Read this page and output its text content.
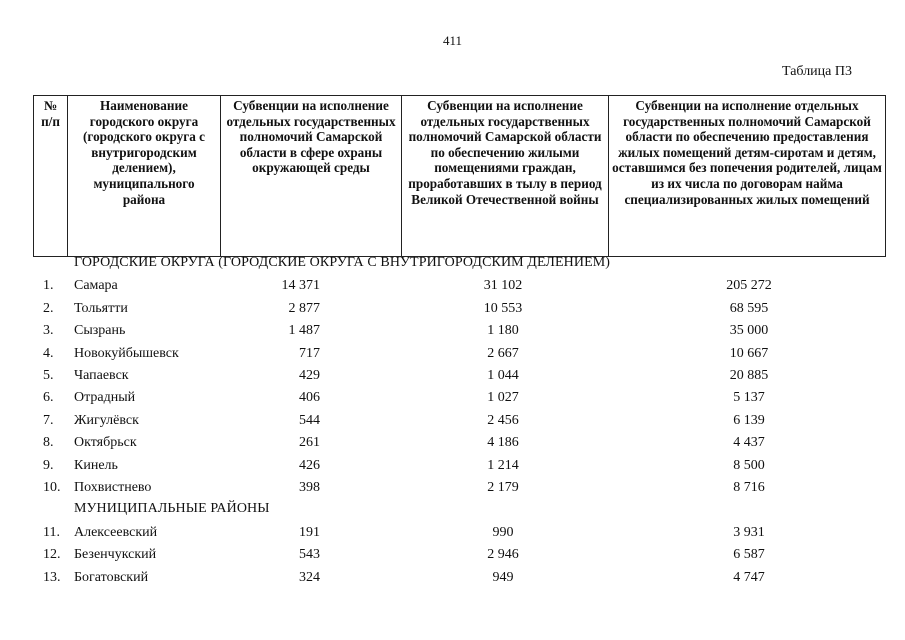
411
Таблица П3
№ п/п	Наименование городского округа (городского округа с внутригородским делением), муниципального района	Субвенции на исполнение отдельных государственных полномочий Самарской области в сфере охраны окружающей среды	Субвенции на исполнение отдельных государственных полномочий Самарской области по обеспечению жилыми помещениями граждан, проработавших в тылу в период Великой Отечественной войны	Субвенции на исполнение отдельных государственных полномочий Самарской области по обеспечению предоставления жилых помещений детям-сиротам и детям, оставшимся без попечения родителей, лицам из их числа по договорам найма специализированных жилых помещений
ГОРОДСКИЕ ОКРУГА (ГОРОДСКИЕ ОКРУГА С ВНУТРИГОРОДСКИМ ДЕЛЕНИЕМ)
1. Самара	14 371	31 102	205 272
2. Тольятти	2 877	10 553	68 595
3. Сызрань	1 487	1 180	35 000
4. Новокуйбышевск	717	2 667	10 667
5. Чапаевск	429	1 044	20 885
6. Отрадный	406	1 027	5 137
7. Жигулёвск	544	2 456	6 139
8. Октябрьск	261	4 186	4 437
9. Кинель	426	1 214	8 500
10. Похвистнево	398	2 179	8 716
МУНИЦИПАЛЬНЫЕ РАЙОНЫ
11. Алексеевский	191	990	3 931
12. Безенчукский	543	2 946	6 587
13. Богатовский	324	949	4 747
